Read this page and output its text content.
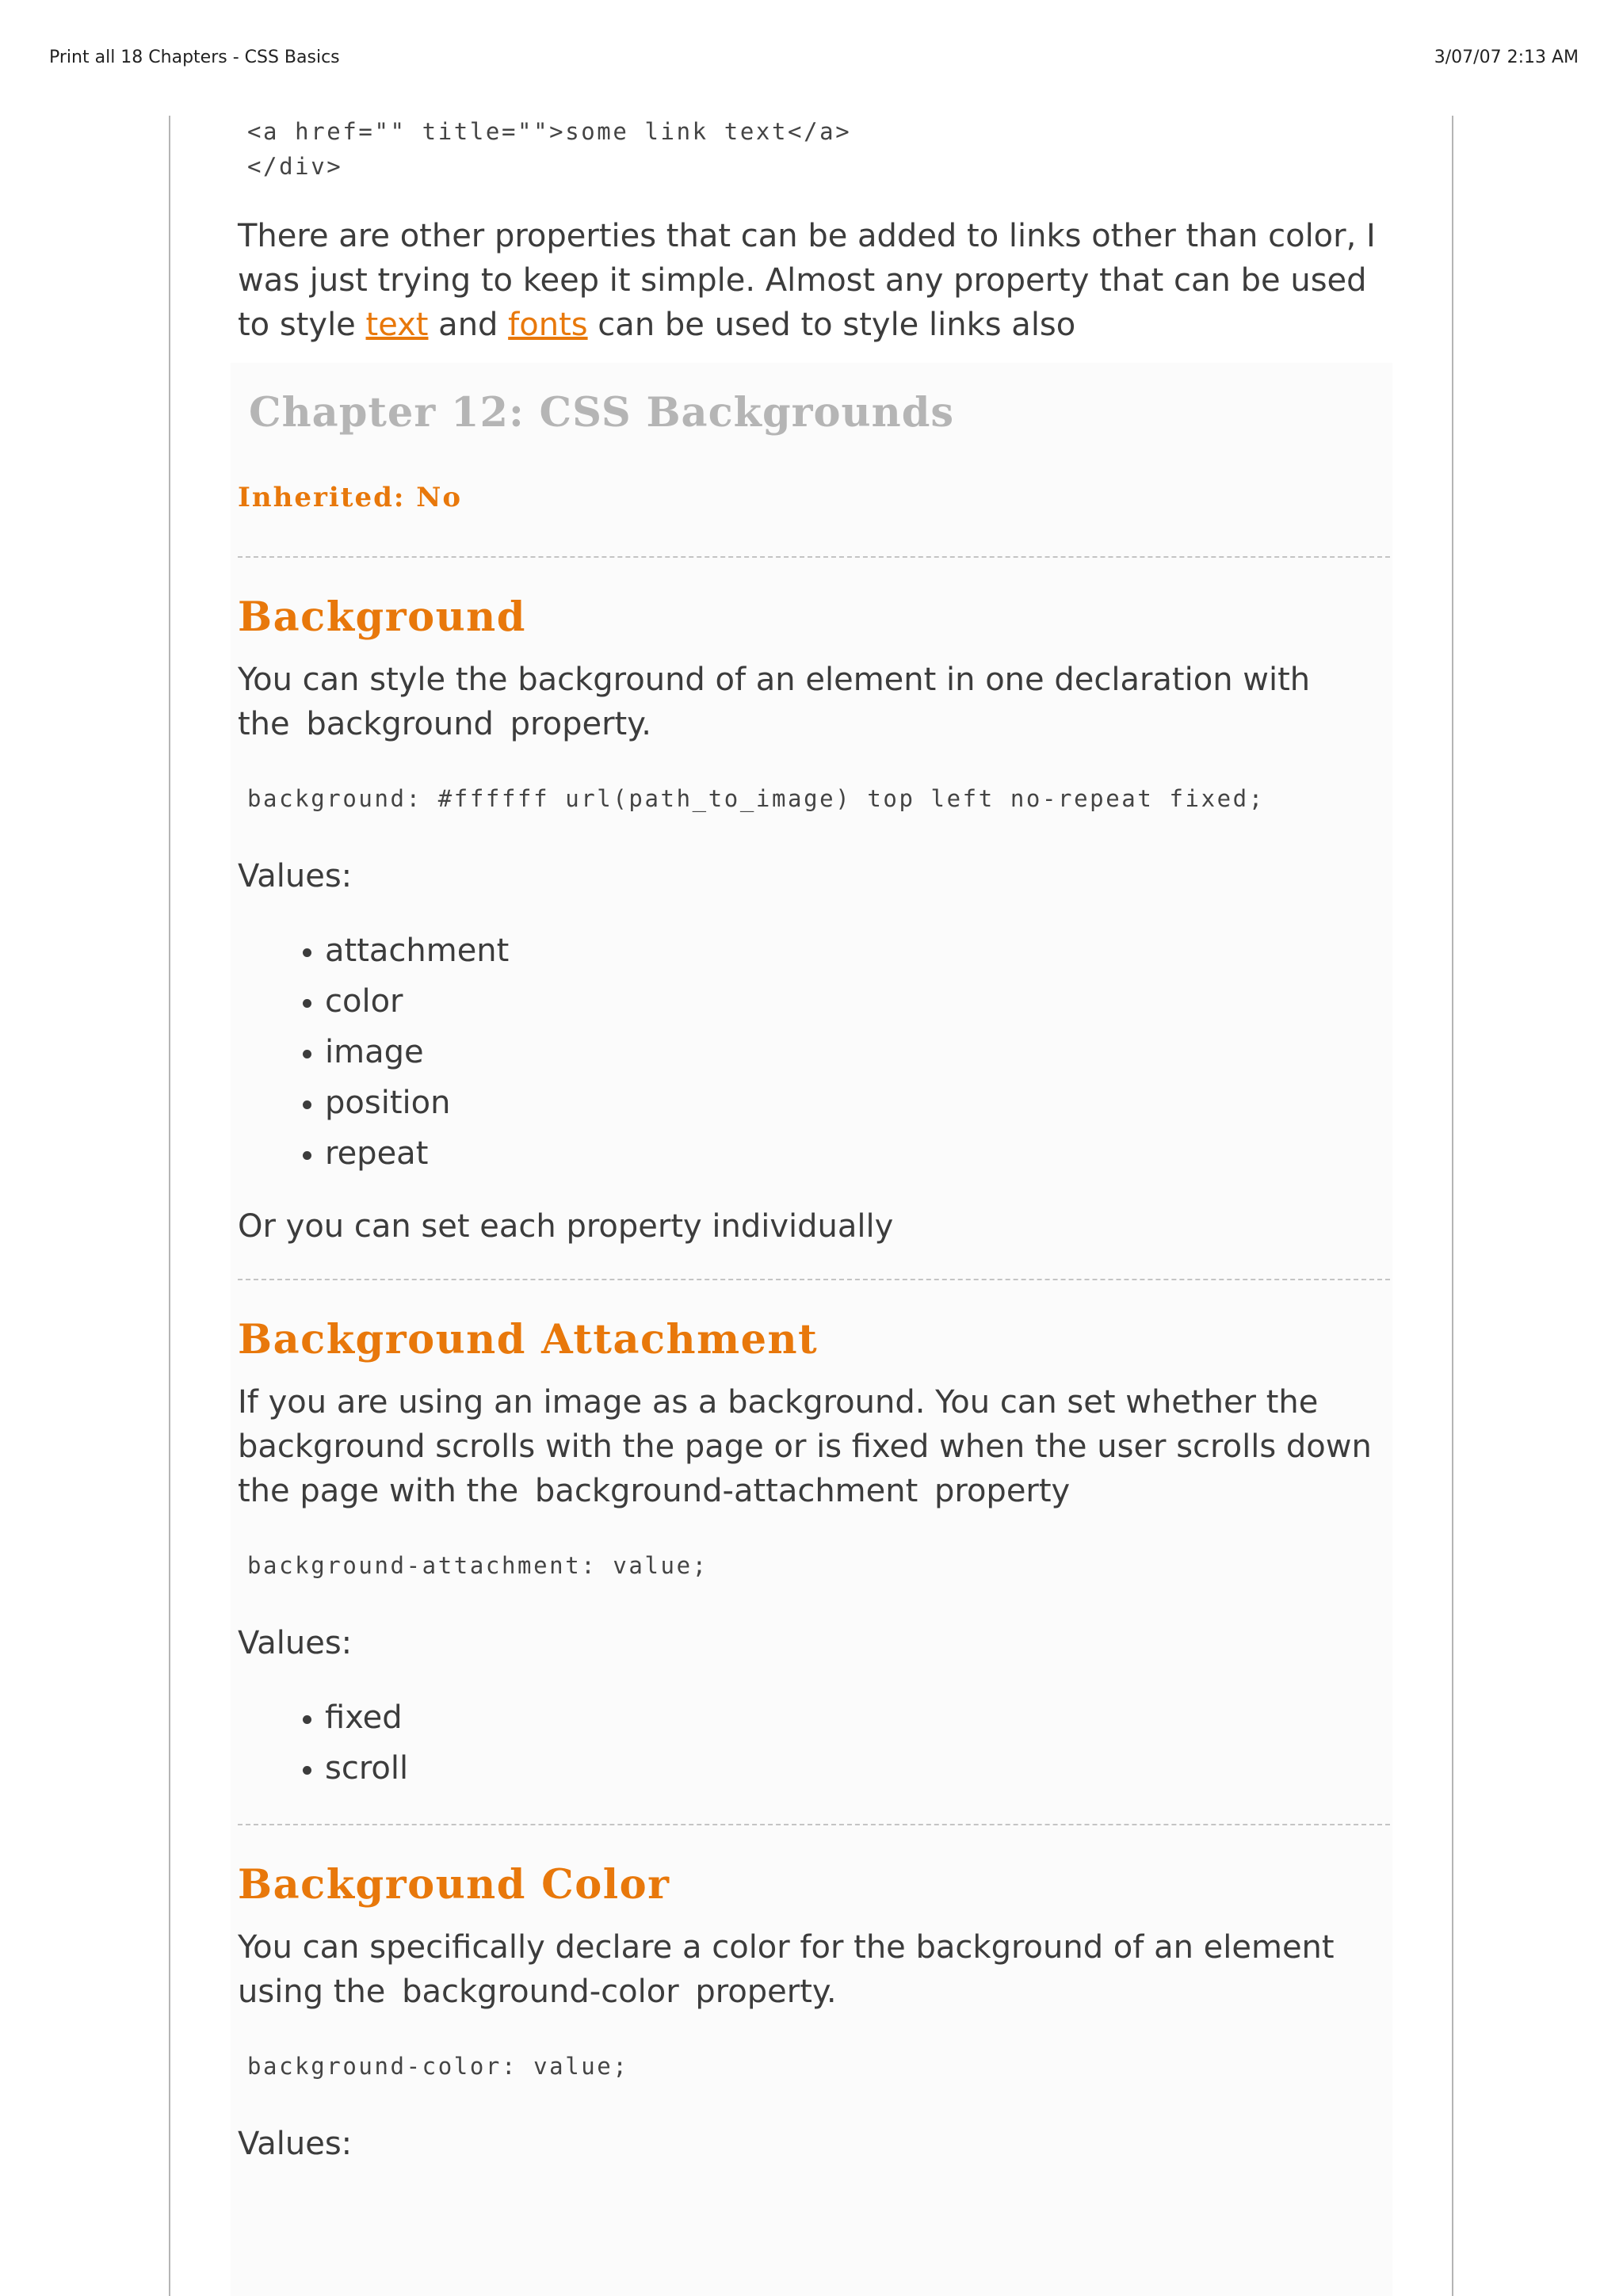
Print all 18 Chapters - CSS Basics	3/07/07 2:13 AM

<a href="" title="">some link text</a>

</div>

There are other properties that can be added to links other than color, I was just trying to keep it simple. Almost any property that can be used to style text and fonts can be used to style links also

Chapter 12: CSS Backgrounds

Inherited: No

Background

You can style the background of an element in one declaration with the background property.

background: #ffffff url(path_to_image) top left no-repeat fixed;

Values:

• attachment
• color
• image
• position
• repeat

Or you can set each property individually

Background Attachment

If you are using an image as a background. You can set whether the background scrolls with the page or is fixed when the user scrolls down the page with the background-attachment property

background-attachment: value;

Values:

• fixed
• scroll
Background Color

You can specifically declare a color for the background of an element using the background-color property.

background-color: value;

Values:
